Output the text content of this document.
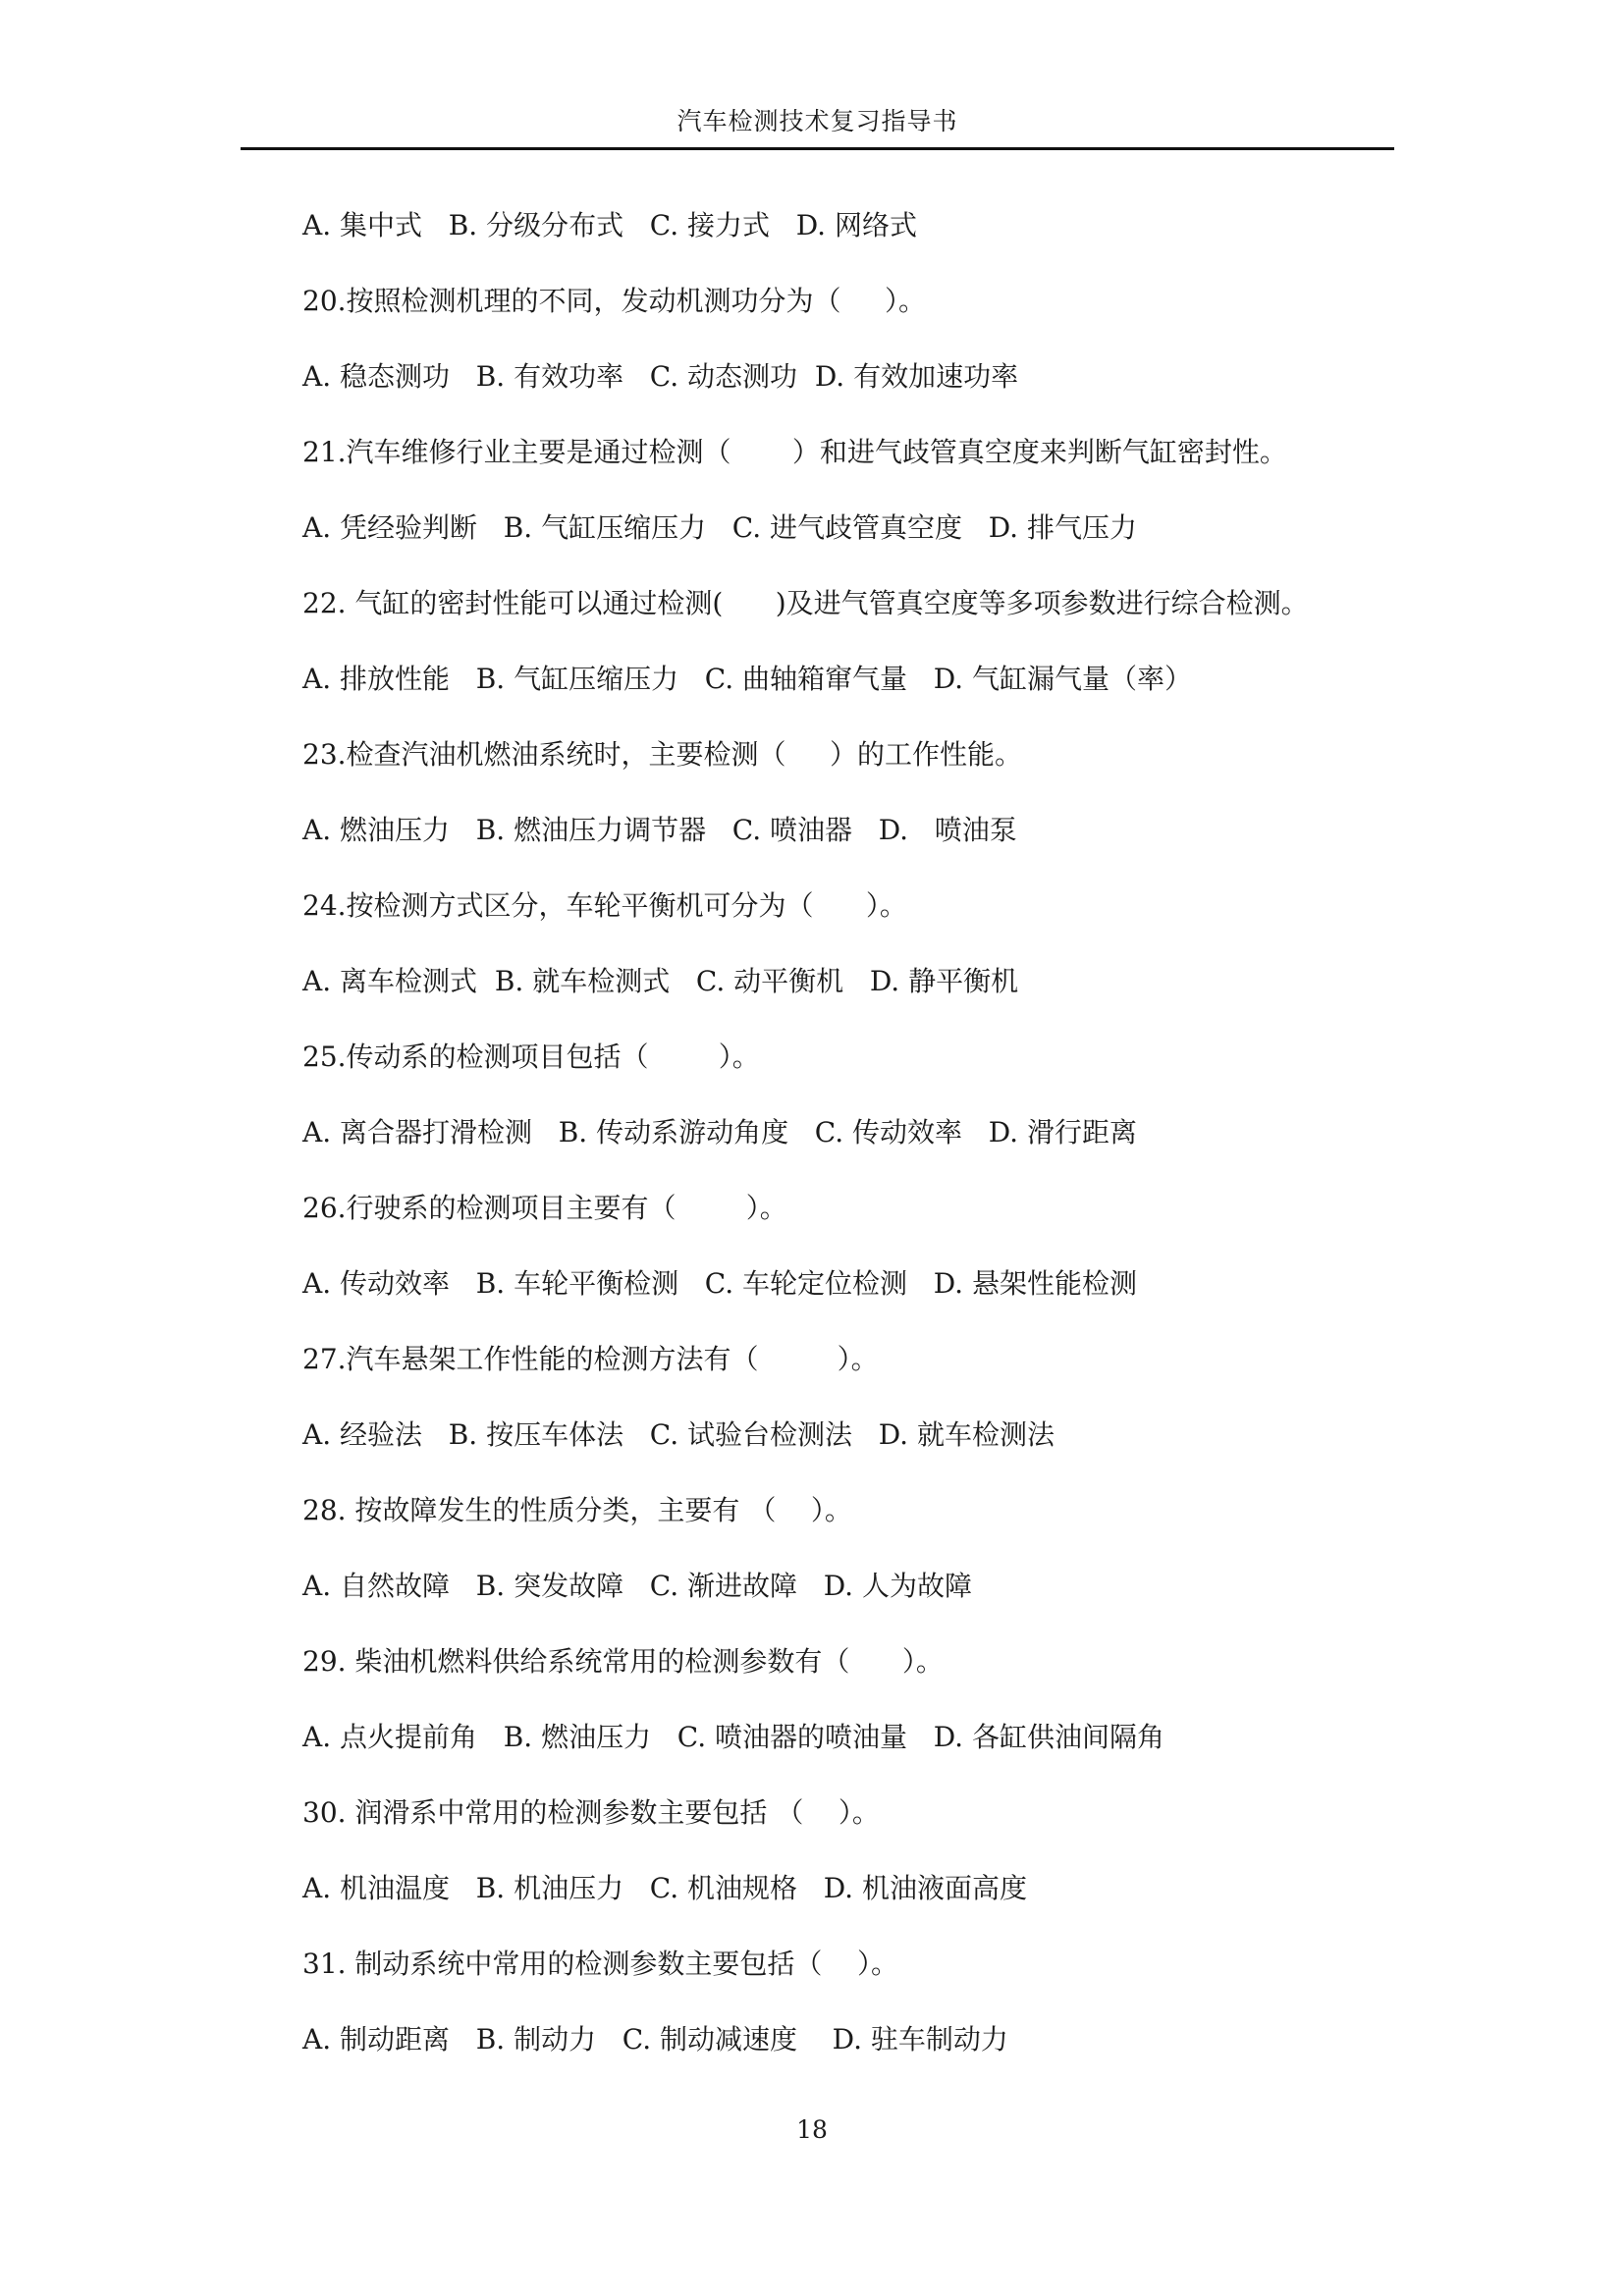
汽车检测技术复习指导书
A. 集中式   B. 分级分布式   C. 接力式   D. 网络式
20.按照检测机理的不同，发动机测功分为（     ）。
A. 稳态测功   B. 有效功率   C. 动态测功  D. 有效加速功率
21.汽车维修行业主要是通过检测（       ）和进气歧管真空度来判断气缸密封性。
A. 凭经验判断   B. 气缸压缩压力   C. 进气歧管真空度   D. 排气压力
22. 气缸的密封性能可以通过检测(      )及进气管真空度等多项参数进行综合检测。
A. 排放性能   B. 气缸压缩压力   C. 曲轴箱窜气量   D. 气缸漏气量（率）
23.检查汽油机燃油系统时，主要检测（     ）的工作性能。
A. 燃油压力   B. 燃油压力调节器   C. 喷油器   D.   喷油泵
24.按检测方式区分，车轮平衡机可分为（      ）。
A. 离车检测式  B. 就车检测式   C. 动平衡机   D. 静平衡机
25.传动系的检测项目包括（        ）。
A. 离合器打滑检测   B. 传动系游动角度   C. 传动效率   D. 滑行距离
26.行驶系的检测项目主要有（        ）。
A. 传动效率   B. 车轮平衡检测   C. 车轮定位检测   D. 悬架性能检测
27.汽车悬架工作性能的检测方法有（         ）。
A. 经验法   B. 按压车体法   C. 试验台检测法   D. 就车检测法
28. 按故障发生的性质分类，主要有 （    ）。
A. 自然故障   B. 突发故障   C. 渐进故障   D. 人为故障
29. 柴油机燃料供给系统常用的检测参数有（      ）。
A. 点火提前角   B. 燃油压力   C. 喷油器的喷油量   D. 各缸供油间隔角
30. 润滑系中常用的检测参数主要包括 （    ）。
A. 机油温度   B. 机油压力   C. 机油规格   D. 机油液面高度
31. 制动系统中常用的检测参数主要包括（    ）。
A. 制动距离   B. 制动力   C. 制动减速度    D. 驻车制动力
18
